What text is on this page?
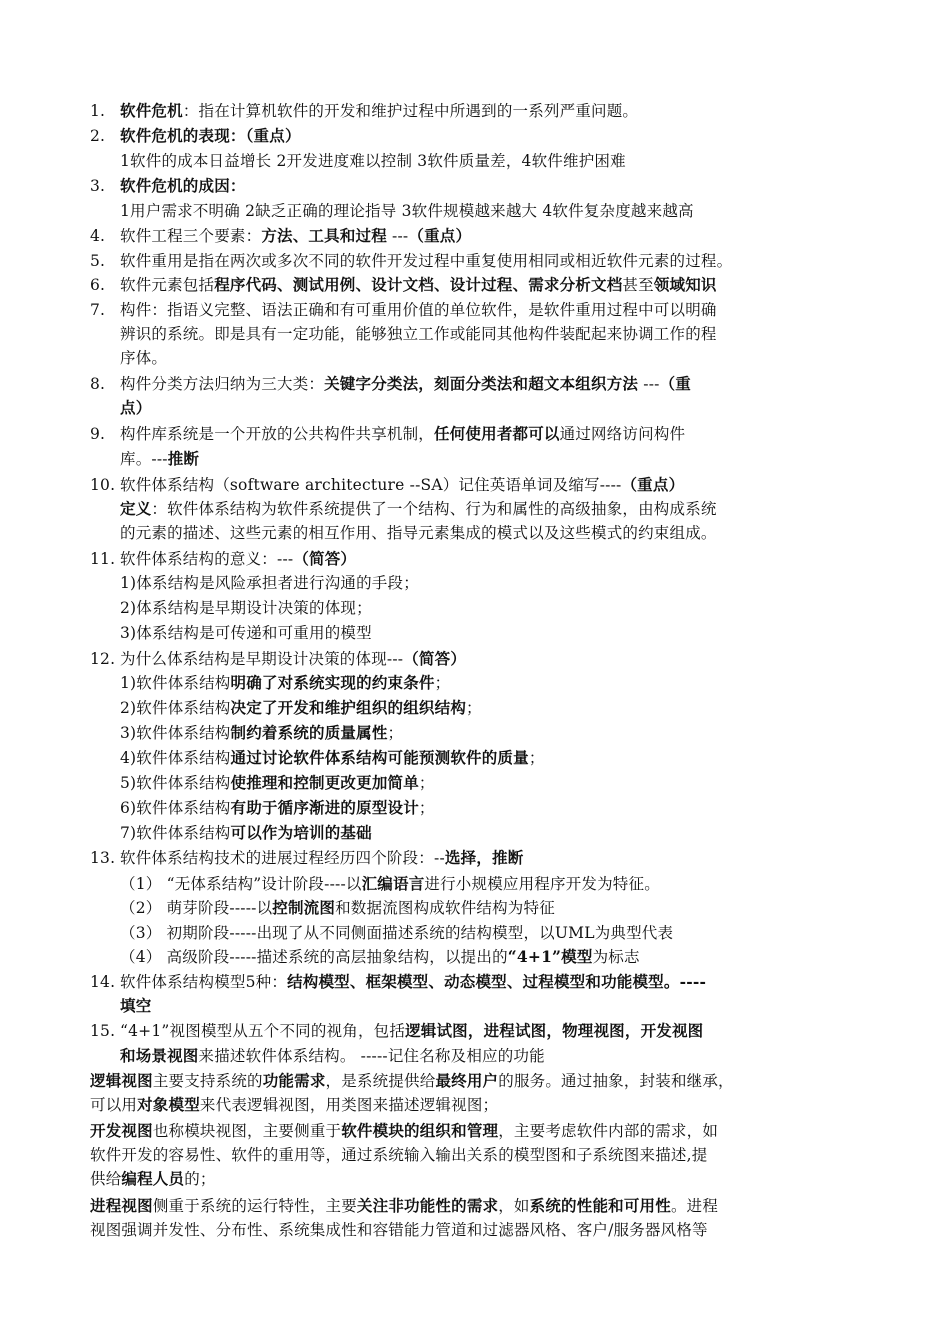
1. 软件危机：指在计算机软件的开发和维护过程中所遇到的一系列严重问题。
2. 软件危机的表现：（重点）
1软件的成本日益增长 2开发进度难以控制 3软件质量差，4软件维护困难
3. 软件危机的成因：
1用户需求不明确 2缺乏正确的理论指导 3软件规模越来越大 4软件复杂度越来越高
4. 软件工程三个要素：方法、工具和过程 ---（重点）
5. 软件重用是指在两次或多次不同的软件开发过程中重复使用相同或相近软件元素的过程。
6. 软件元素包括程序代码、测试用例、设计文档、设计过程、需求分析文档甚至领域知识
7. 构件：指语义完整、语法正确和有可重用价值的单位软件，是软件重用过程中可以明确
辨识的系统。即是具有一定功能，能够独立工作或能同其他构件装配起来协调工作的程
序体。
8. 构件分类方法归纳为三大类：关键字分类法，刻面分类法和超文本组织方法 ---（重
点）
9. 构件库系统是一个开放的公共构件共享机制，任何使用者都可以通过网络访问构件
库。---推断
10. 软件体系结构（software architecture --SA）记住英语单词及缩写----（重点）
定义：软件体系结构为软件系统提供了一个结构、行为和属性的高级抽象，由构成系统
的元素的描述、这些元素的相互作用、指导元素集成的模式以及这些模式的约束组成。
11. 软件体系结构的意义：---（简答）
1)体系结构是风险承担者进行沟通的手段；
2)体系结构是早期设计决策的体现；
3)体系结构是可传递和可重用的模型
12. 为什么体系结构是早期设计决策的体现---（简答）
1)软件体系结构明确了对系统实现的约束条件；
2)软件体系结构决定了开发和维护组织的组织结构；
3)软件体系结构制约着系统的质量属性；
4)软件体系结构通过讨论软件体系结构可能预测软件的质量；
5)软件体系结构使推理和控制更改更加简单；
6)软件体系结构有助于循序渐进的原型设计；
7)软件体系结构可以作为培训的基础
13. 软件体系结构技术的进展过程经历四个阶段：--选择，推断
（1） “无体系结构”设计阶段----以汇编语言进行小规模应用程序开发为特征。
（2） 萌芽阶段-----以控制流图和数据流图构成软件结构为特征
（3） 初期阶段-----出现了从不同侧面描述系统的结构模型，以UML为典型代表
（4） 高级阶段-----描述系统的高层抽象结构，以提出的“4+1”模型为标志
14. 软件体系结构模型5种：结构模型、框架模型、动态模型、过程模型和功能模型。----
填空
15. “4+1”视图模型从五个不同的视角，包括逻辑试图，进程试图，物理视图，开发视图
和场景视图来描述软件体系结构。 -----记住名称及相应的功能
逻辑视图主要支持系统的功能需求，是系统提供给最终用户的服务。通过抽象，封装和继承，
可以用对象模型来代表逻辑视图，用类图来描述逻辑视图；
开发视图也称模块视图，主要侧重于软件模块的组织和管理，主要考虑软件内部的需求，如
软件开发的容易性、软件的重用等，通过系统输入输出关系的模型图和子系统图来描述,提
供给编程人员的；
进程视图侧重于系统的运行特性，主要关注非功能性的需求，如系统的性能和可用性。进程
视图强调并发性、分布性、系统集成性和容错能力管道和过滤器风格、客户/服务器风格等
